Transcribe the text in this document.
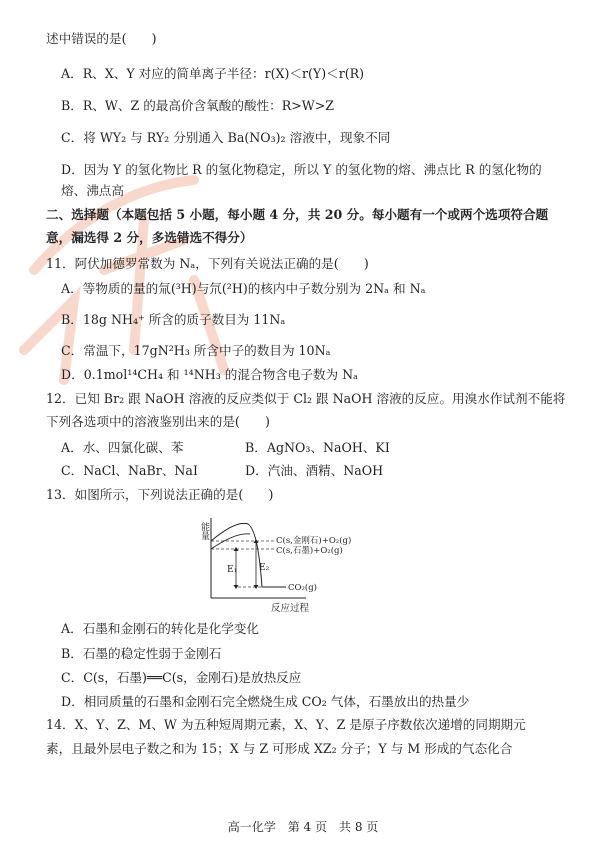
述中错误的是(　　)
A．R、X、Y 对应的简单离子半径：r(X)＜r(Y)＜r(R)
B．R、W、Z 的最高价含氧酸的酸性：R>W>Z
C．将 WY₂ 与 RY₂ 分别通入 Ba(NO₃)₂ 溶液中，现象不同
D．因为 Y 的氢化物比 R 的氢化物稳定，所以 Y 的氢化物的熔、沸点比 R 的氢化物的
熔、沸点高
二、选择题（本题包括 5 小题，每小题 4 分，共 20 分。每小题有一个或两个选项符合题
意，漏选得 2 分，多选错选不得分）
11．阿伏加德罗常数为 Nₐ，下列有关说法正确的是(　　)
A．等物质的量的氚(³H)与氘(²H)的核内中子数分别为 2Nₐ 和 Nₐ
B．18g NH₄⁺ 所含的质子数目为 11Nₐ
C．常温下，17gN²H₃ 所含中子的数目为 10Nₐ
D．0.1mol¹⁴CH₄ 和 ¹⁴NH₃ 的混合物含电子数为 Nₐ
12．已知 Br₂ 跟 NaOH 溶液的反应类似于 Cl₂ 跟 NaOH 溶液的反应。用溴水作试剂不能将
下列各选项中的溶液鉴别出来的是(　　)
A．水、四氯化碳、苯	B．AgNO₃、NaOH、KI
C．NaCl、NaBr、NaI	D．汽油、酒精、NaOH
13．如图所示，下列说法正确的是(　　)
能量
E₁ E₂
C(s,金刚石)+O₂(g)
C(s,石墨)+O₂(g)
CO₂(g)
反应过程
A．石墨和金刚石的转化是化学变化
B．石墨的稳定性弱于金刚石
C．C(s，石墨)══C(s，金刚石)是放热反应
D．相同质量的石墨和金刚石完全燃烧生成 CO₂ 气体，石墨放出的热量少
14．X、Y、Z、M、W 为五种短周期元素，X、Y、Z 是原子序数依次递增的同期期元
素，且最外层电子数之和为 15；X 与 Z 可形成 XZ₂ 分子；Y 与 M 形成的气态化合
高一化学　第 4 页　共 8 页
